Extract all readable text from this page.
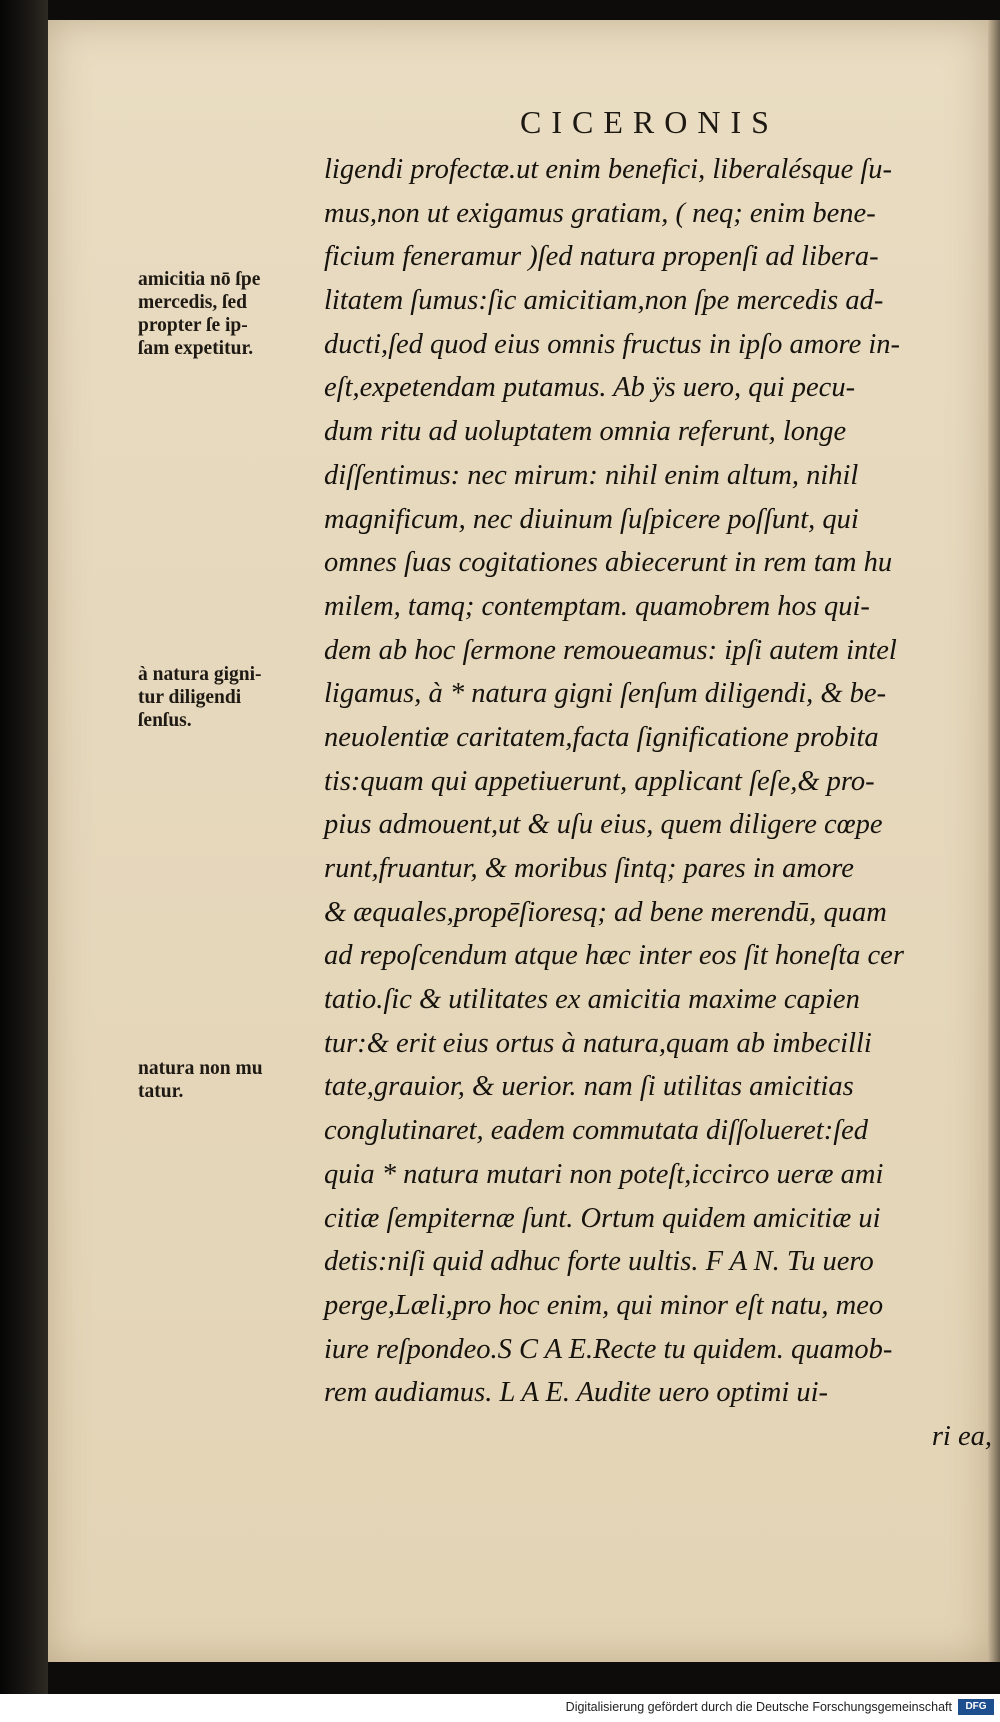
CICERONIS
amicitia nō ſpe
mercedis, ſed
propter ſe ip-
ſam expetitur.
à natura gigni-
tur diligendi
ſenſus.
natura non mu
tatur.
ligendi profectæ.ut enim benefici, liberalésque ſu-
mus,non ut exigamus gratiam, ( neq; enim bene-
ficium feneramur )ſed natura propenſi ad libera-
litatem ſumus:ſic amicitiam,non ſpe mercedis ad-
ducti,ſed quod eius omnis fructus in ipſo amore in-
eſt,expetendam putamus. Ab ÿs uero, qui pecu-
dum ritu ad uoluptatem omnia referunt, longe
diſſentimus: nec mirum: nihil enim altum, nihil
magnificum, nec diuinum ſuſpicere poſſunt, qui
omnes ſuas cogitationes abiecerunt in rem tam hu
milem, tamq; contemptam. quamobrem hos qui-
dem ab hoc ſermone remoueamus: ipſi autem intel
ligamus, à * natura gigni ſenſum diligendi, & be-
neuolentiæ caritatem,facta ſignificatione probita
tis:quam qui appetiuerunt, applicant ſeſe,& pro-
pius admouent,ut & uſu eius, quem diligere cœpe
runt,fruantur, & moribus ſintq; pares in amore
& æquales,propēſioresq; ad bene merendū, quam
ad repoſcendum atque hæc inter eos ſit honeſta cer
tatio.ſic & utilitates ex amicitia maxime capien
tur:& erit eius ortus à natura,quam ab imbecilli
tate,grauior, & uerior. nam ſi utilitas amicitias
conglutinaret, eadem commutata diſſolueret:ſed
quia * natura mutari non poteſt,iccirco ueræ ami
citiæ ſempiternæ ſunt. Ortum quidem amicitiæ ui
detis:niſi quid adhuc forte uultis. F A N. Tu uero
perge,Læli,pro hoc enim, qui minor eſt natu, meo
iure reſpondeo.S C A E.Recte tu quidem. quamob-
rem audiamus. L A E. Audite uero optimi ui-
ri ea,
Digitalisierung gefördert durch die Deutsche Forschungsgemeinschaft	DFG
